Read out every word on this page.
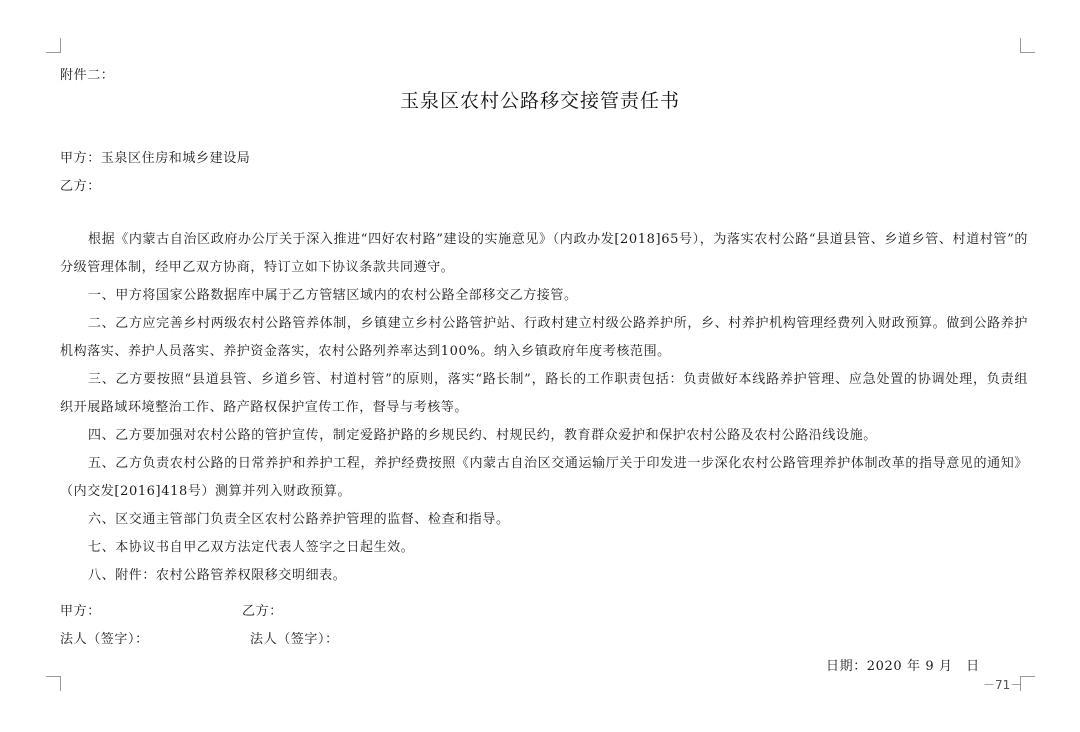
附件二：
玉泉区农村公路移交接管责任书
甲方：玉泉区住房和城乡建设局
乙方：

根据《内蒙古自治区政府办公厅关于深入推进“四好农村路”建设的实施意见》（内政办发[2018]65号），为落实农村公路“县道县管、乡道乡管、村道村管”的分级管理体制，经甲乙双方协商，特订立如下协议条款共同遵守。

一、甲方将国家公路数据库中属于乙方管辖区域内的农村公路全部移交乙方接管。

二、乙方应完善乡村两级农村公路管养体制，乡镇建立乡村公路管护站、行政村建立村级公路养护所，乡、村养护机构管理经费列入财政预算。做到公路养护机构落实、养护人员落实、养护资金落实，农村公路列养率达到100%。纳入乡镇政府年度考核范围。

三、乙方要按照“县道县管、乡道乡管、村道村管”的原则，落实“路长制”，路长的工作职责包括：负责做好本线路养护管理、应急处置的协调处理，负责组织开展路域环境整治工作、路产路权保护宣传工作，督导与考核等。

四、乙方要加强对农村公路的管护宣传，制定爱路护路的乡规民约、村规民约，教育群众爱护和保护农村公路及农村公路沿线设施。

五、乙方负责农村公路的日常养护和养护工程，养护经费按照《内蒙古自治区交通运输厅关于印发进一步深化农村公路管理养护体制改革的指导意见的通知》（内交发[2016]418号）测算并列入财政预算。

六、区交通主管部门负责全区农村公路养护管理的监督、检查和指导。

七、本协议书自甲乙双方法定代表人签字之日起生效。

八、附件：农村公路管养权限移交明细表。

甲方：	乙方：
法人（签字）：	法人（签字）：
日期：2020 年 9 月　日
－71－
